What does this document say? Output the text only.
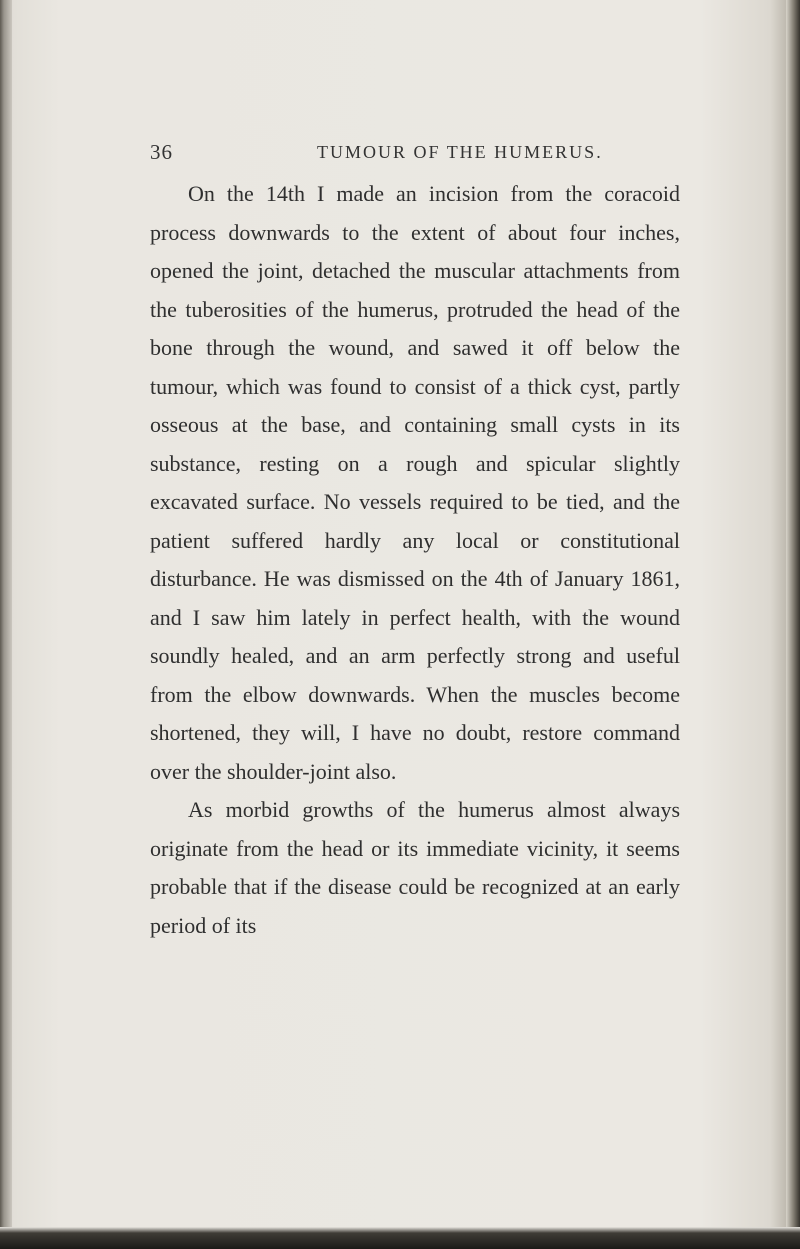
36	TUMOUR OF THE HUMERUS.

On the 14th I made an incision from the coracoid process downwards to the extent of about four inches, opened the joint, detached the muscular attachments from the tuberosities of the humerus, protruded the head of the bone through the wound, and sawed it off below the tumour, which was found to consist of a thick cyst, partly osseous at the base, and containing small cysts in its substance, resting on a rough and spicular slightly excavated surface. No vessels required to be tied, and the patient suffered hardly any local or constitutional disturbance. He was dismissed on the 4th of January 1861, and I saw him lately in perfect health, with the wound soundly healed, and an arm perfectly strong and useful from the elbow downwards. When the muscles become shortened, they will, I have no doubt, restore command over the shoulder-joint also.

As morbid growths of the humerus almost always originate from the head or its immediate vicinity, it seems probable that if the disease could be recognized at an early period of its
